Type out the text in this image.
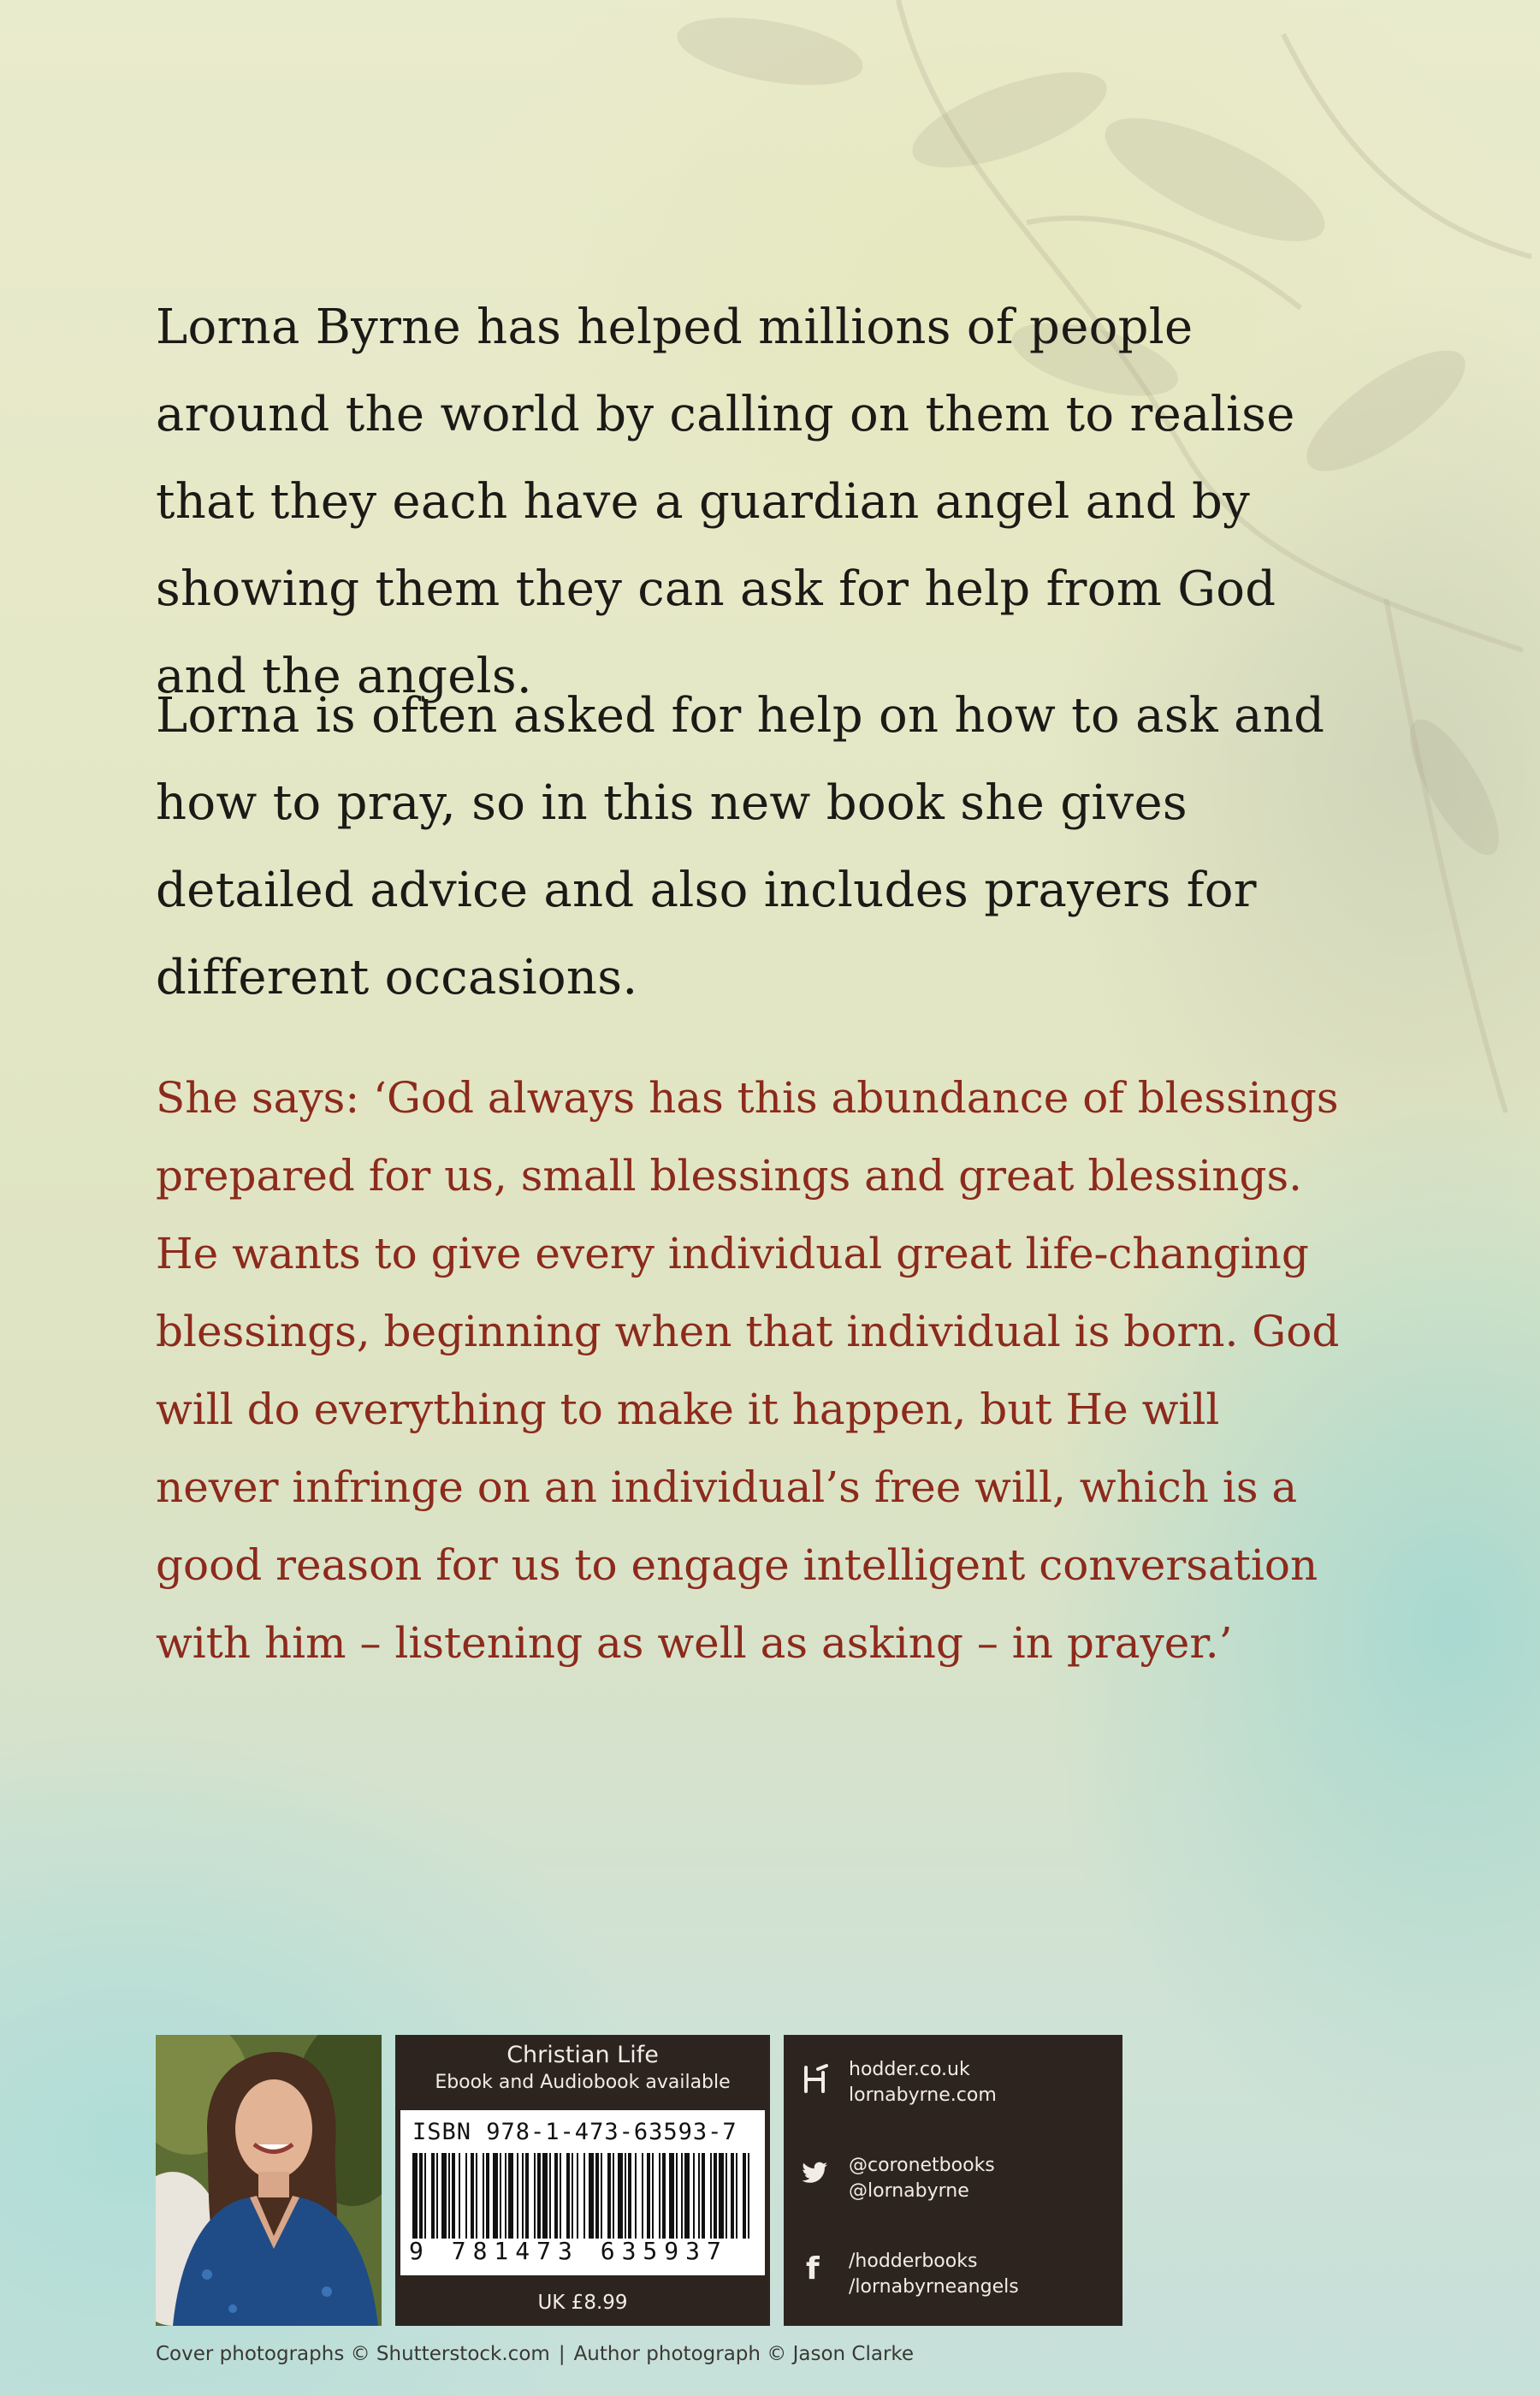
Lorna Byrne has helped millions of people around the world by calling on them to realise that they each have a guardian angel and by showing them they can ask for help from God and the angels.
Lorna is often asked for help on how to ask and how to pray, so in this new book she gives detailed advice and also includes prayers for different occasions.
She says: ‘God always has this abundance of blessings prepared for us, small blessings and great blessings. He wants to give every individual great life-changing blessings, beginning when that individual is born. God will do everything to make it happen, but He will never infringe on an individual’s free will, which is a good reason for us to engage intelligent conversation with him – listening as well as asking – in prayer.’
Christian Life
Ebook and Audiobook available
ISBN 978-1-473-63593-7
9 781473 635937
UK £8.99
hodder.co.uk
lornabyrne.com
@coronetbooks
@lornabyrne
f	/hodderbooks
/lornabyrneangels
Cover photographs © Shutterstock.com | Author photograph © Jason Clarke
